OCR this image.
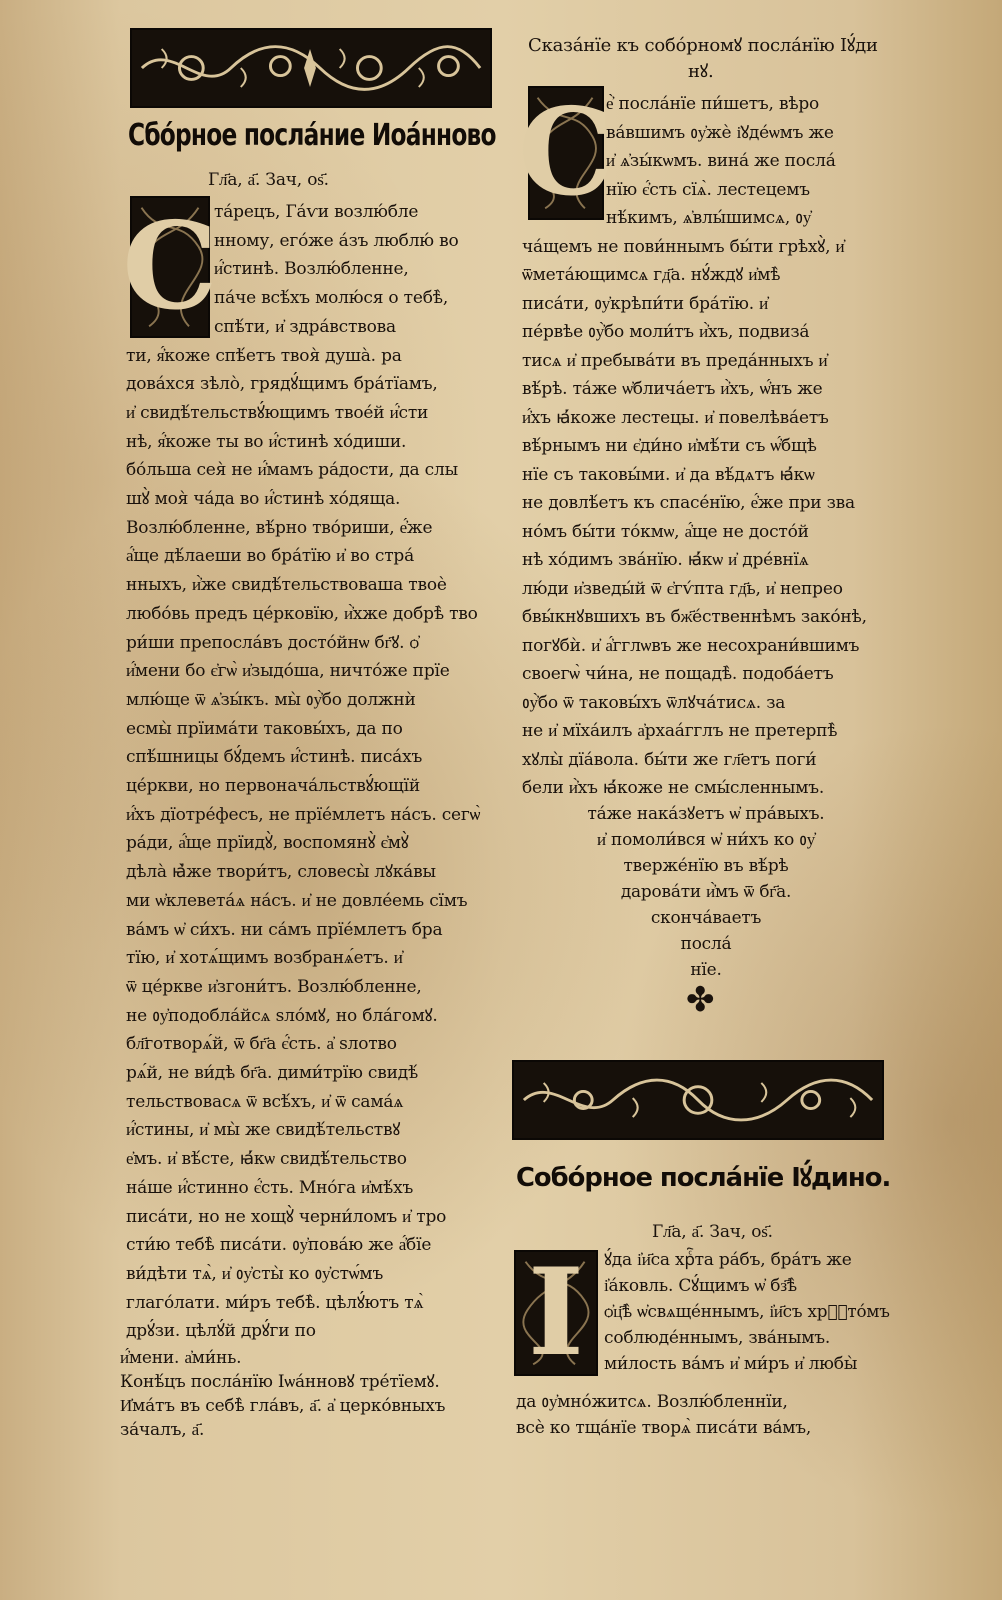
Сбо́рное посла́ние Иоа́нново
Гл҃а, а҃. Зач, оѕ҃.
С
Сказа́нїе къ собо́рномꙋ посла́нїю Іꙋ́ди
нꙋ.
С
✤
Собо́рное посла́нїе Іꙋ́дино.
Гл҃а, а҃. Зач, оѕ҃.
І
та́рецъ, Га́ѵи возлю́бле
нному, его́же а́зъ люблю́ во
и҆́стинѣ. Возлю́бленне,
па́че всѣ́хъ молю́ся о тебѣ̀,
спѣ́ти, и҆ здра́вствова
ти, я҆́коже спѣ́етъ твоя̀ душа̀. ра
дова́хся зѣло̀, грядꙋ́щимъ бра́тїамъ,
и҆ свидѣ́тельствꙋ́ющимъ твое́й и҆́сти
нѣ, я҆́коже ты во и҆́стинѣ хо́диши.
бо́льша сея̀ не и҆́мамъ ра́дости, да слы
шꙋ̀ моя̀ ча́да во и҆́стинѣ хо́дяща.
Возлю́бленне, вѣ́рно тво́риши, е҆́же
а҆́ще дѣ́лаеши во бра́тїю и҆ во стра́
нныхъ, и҆̀же свидѣ́тельствоваша твоѐ
любо́вь предъ це́рковїю, и҆̀хже добрѣ̀ тво
ри́ши препосла́въ досто́йнѡ бг҃ꙋ. ѻ҆
и҆́мени бо є҆гѡ̀ и҆зыдо́ша, ничто́же прїе
млю́ще ѿ ѧ҆зы́къ. мы̀ ᲂу҆̀бо должнѝ
есмы̀ прїима́ти таковы́хъ, да по
спѣ́шницы бꙋ́демъ и҆́стинѣ. писа́хъ
це́ркви, но первонача́льствꙋ́ющїй
и҆́хъ дїотре́фесъ, не прїе́млетъ на́съ. сегѡ̀
ра́ди, а҆́ще прїидꙋ̀, воспомянꙋ̀ є҆мꙋ̀
дѣла̀ ꙗ҆̀же твори́тъ, словесы̀ лꙋка́вы
ми ѡ҆клевета́ѧ на́съ. и҆ не довле́емь сїмъ
ва́мъ ѡ҆ си́хъ. ни са́мъ прїе́млетъ бра
тїю, и҆ хотѧ́щимъ возбранѧ́етъ. и҆
ѿ це́ркве и҆згони́тъ. Возлю́бленне,
не ᲂу҆подобла́йсѧ ѕло́мꙋ, но бла́гомꙋ.
бл҃готворѧ́й, ѿ бг҃а є҆́сть. а҆ ѕлотво
рѧ́й, не ви́дѣ бг҃а. дими́трїю свидѣ́
тельствовасѧ ѿ всѣ́хъ, и҆ ѿ сама́ѧ
и҆́стины, и҆ мы̀ же свидѣ́тельствꙋ
е҆мъ. и҆ вѣ́сте, ꙗ҆́кѡ свидѣ́тельство
на́ше и҆́стинно є҆́сть. Мно́га и҆мѣ́хъ
писа́ти, но не хощꙋ̀ черни́ломъ и҆ тро
сти́ю тебѣ̀ писа́ти. ᲂу҆пова́ю же а҆́бїе
ви́дѣти тѧ̀, и҆ ᲂу҆сты̀ ко ᲂу҆стѡ́мъ
глаго́лати. ми́ръ тебѣ̀. цѣлꙋ́ютъ тѧ̀
дрꙋ́зи. цѣлꙋ́й дрꙋ́ги по
и҆́мени. а҆ми́нь.
Конѣ́цъ посла́нїю Іѡа́нновꙋ тре́тїемꙋ.
И҆ма́тъ въ себѣ̀ гла́въ, а҃. а҆ церко́вныхъ
за́чалъ, а҃.
е҆̀ посла́нїе пи́шетъ, вѣро
ва́вшимъ ᲂу҆жѐ і҆ꙋде́ѡмъ же
и҆ ѧ҆зы́кѡмъ. вина́ же посла́
нїю є҆́сть сїѧ̀. лестецемъ
нѣ́кимъ, ѧ҆влы́шимсѧ, ᲂу҆
ча́щемъ не пови́ннымъ бы́ти грѣхꙋ̀, и҆
ѿмета́ющимсѧ гд҃а. нꙋ́ждꙋ и҆мѣ̀
писа́ти, ᲂу҆крѣпи́ти бра́тїю. и҆
пе́рвѣе ᲂу҆̀бо моли́тъ и҆̀хъ, подвиза́
тисѧ и҆ пребыва́ти въ преда́нныхъ и҆
вѣ́рѣ. та́же ѡ҆блича́етъ и҆̀хъ, ѡ҆́нъ же
и҆́хъ ꙗ҆́коже лестецы. и҆ повелѣва́етъ
вѣ́рнымъ ни є҆ди́но и҆мѣ́ти съ ѡ҆́бщѣ
нїе съ таковы́ми. и҆ да вѣ́дѧтъ ꙗ҆́кѡ
не довлѣ́етъ къ спасе́нїю, е҆́же при зва
но́мъ бы́ти то́кмѡ, а҆́ще не досто́й
нѣ хо́димъ зва́нїю. ꙗ҆́кѡ и҆ дре́внїѧ
лю́ди и҆зведы́й ѿ є҆гѵ́пта гд҃ь, и҆ непрео
бвы́кнꙋвшихъ въ бж҃е́ственнѣмъ зако́нѣ,
погꙋбѝ. и҆ а҆́гглѡвъ же несохрани́вшимъ
своегѡ̀ чи́на, не пощадѣ̀. подоба́етъ
ᲂу҆̀бо ѿ таковы́хъ ѿлꙋча́тисѧ. за
не и҆ мїха́илъ а҆рхаа́гглъ не претерпѣ̀
хꙋлы̀ дїа́вола. бы́ти же гл҃етъ поги́
бели и҆̀хъ ꙗ҆́коже не смы́сленнымъ.
та́же нака́зꙋетъ ѡ҆ пра́выхъ.
и҆ помоли́вся ѡ҆ ни́хъ ко ᲂу҆
тверже́нїю въ вѣ́рѣ
дарова́ти и҆̀мъ ѿ бг҃а.
сконча́ваетъ
посла́
нїе.
ꙋ́да і҆и҃са хрⷭ҇та ра́бъ, бра́тъ же
і҆а́ковль. Сꙋ́щимъ ѡ҆ бз҃ѣ̀
ѻ҆ц҃ѣ̀ ѡ҆свѧще́ннымъ, і҆и҃съ хрⷭ҇то́мъ
соблюде́ннымъ, зва́нымъ.
ми́лость ва́мъ и҆ ми́ръ и҆ любы̀
да ᲂу҆мно́житсѧ. Возлю́бленнїи,
всѐ ко тща́нїе творѧ̀ писа́ти ва́мъ,
